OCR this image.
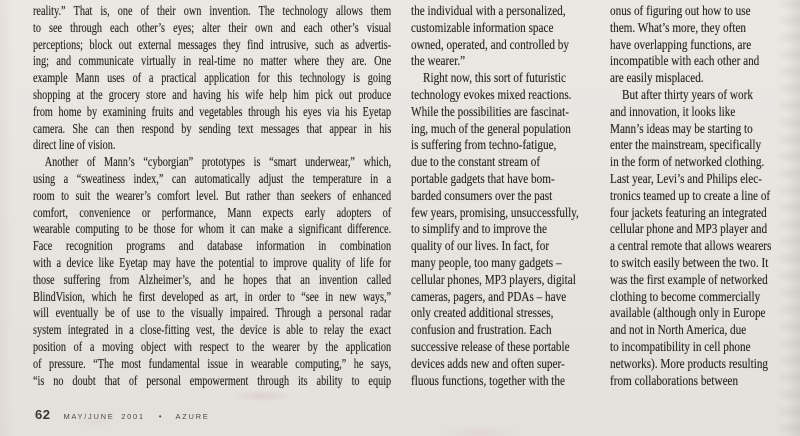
reality.” That is, one of their own invention. The technology allows them
to see through each other’s eyes; alter their own and each other’s visual
perceptions; block out external messages they find intrusive, such as advertis-
ing; and communicate virtually in real-time no matter where they are. One
example Mann uses of a practical application for this technology is going
shopping at the grocery store and having his wife help him pick out produce
from home by examining fruits and vegetables through his eyes via his Eyetap
camera. She can then respond by sending text messages that appear in his
direct line of vision.
Another of Mann’s “cyborgian” prototypes is “smart underwear,” which,
using a “sweatiness index,” can automatically adjust the temperature in a
room to suit the wearer’s comfort level. But rather than seekers of enhanced
comfort, convenience or performance, Mann expects early adopters of
wearable computing to be those for whom it can make a significant difference.
Face recognition programs and database information in combination
with a device like Eyetap may have the potential to improve quality of life for
those suffering from Alzheimer’s, and he hopes that an invention called
BlindVision, which he first developed as art, in order to “see in new ways,”
will eventually be of use to the visually impaired. Through a personal radar
system integrated in a close-fitting vest, the device is able to relay the exact
position of a moving object with respect to the wearer by the application
of pressure. “The most fundamental issue in wearable computing,” he says,
“is no doubt that of personal empowerment through its ability to equip
the individual with a personalized,
customizable information space
owned, operated, and controlled by
the wearer.”
Right now, this sort of futuristic
technology evokes mixed reactions.
While the possibilities are fascinat-
ing, much of the general population
is suffering from techno-fatigue,
due to the constant stream of
portable gadgets that have bom-
barded consumers over the past
few years, promising, unsuccessfully,
to simplify and to improve the
quality of our lives. In fact, for
many people, too many gadgets –
cellular phones, MP3 players, digital
cameras, pagers, and PDAs – have
only created additional stresses,
confusion and frustration. Each
successive release of these portable
devices adds new and often super-
fluous functions, together with the
onus of figuring out how to use
them. What’s more, they often
have overlapping functions, are
incompatible with each other and
are easily misplaced.
But after thirty years of work
and innovation, it looks like
Mann’s ideas may be starting to
enter the mainstream, specifically
in the form of networked clothing.
Last year, Levi’s and Philips elec-
tronics teamed up to create a line of
four jackets featuring an integrated
cellular phone and MP3 player and
a central remote that allows wearers
to switch easily between the two. It
was the first example of networked
clothing to become commercially
available (although only in Europe
and not in North America, due
to incompatibility in cell phone
networks). More products resulting
from collaborations between
62 MAY/JUNE 2001 • AZURE
